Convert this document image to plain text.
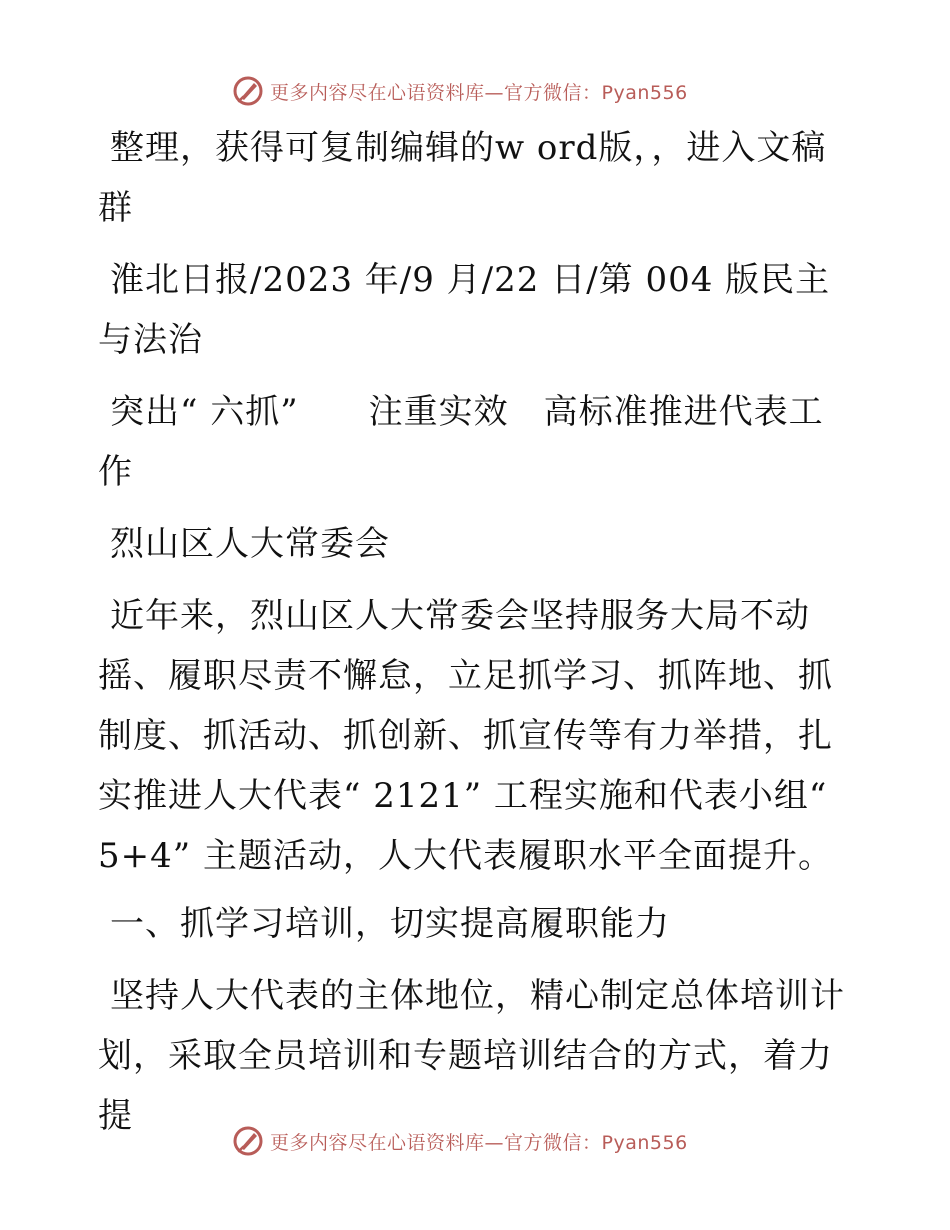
更多内容尽在心语资料库—官方微信：Pyan556

整理，获得可复制编辑的w ord版，，进入文稿群

淮北日报/2023 年/9 月/22 日/第 004 版民主与法治

突出“ 六抓”　　注重实效　高标准推进代表工作

烈山区人大常委会

近年来，烈山区人大常委会坚持服务大局不动摇、履职尽责不懈怠，立足抓学习、抓阵地、抓制度、抓活动、抓创新、抓宣传等有力举措，扎实推进人大代表“ 2121” 工程实施和代表小组“ 5+4” 主题活动，人大代表履职水平全面提升。

一、抓学习培训，切实提高履职能力

坚持人大代表的主体地位，精心制定总体培训计划，采取全员培训和专题培训结合的方式，着力提

更多内容尽在心语资料库—官方微信：Pyan556
